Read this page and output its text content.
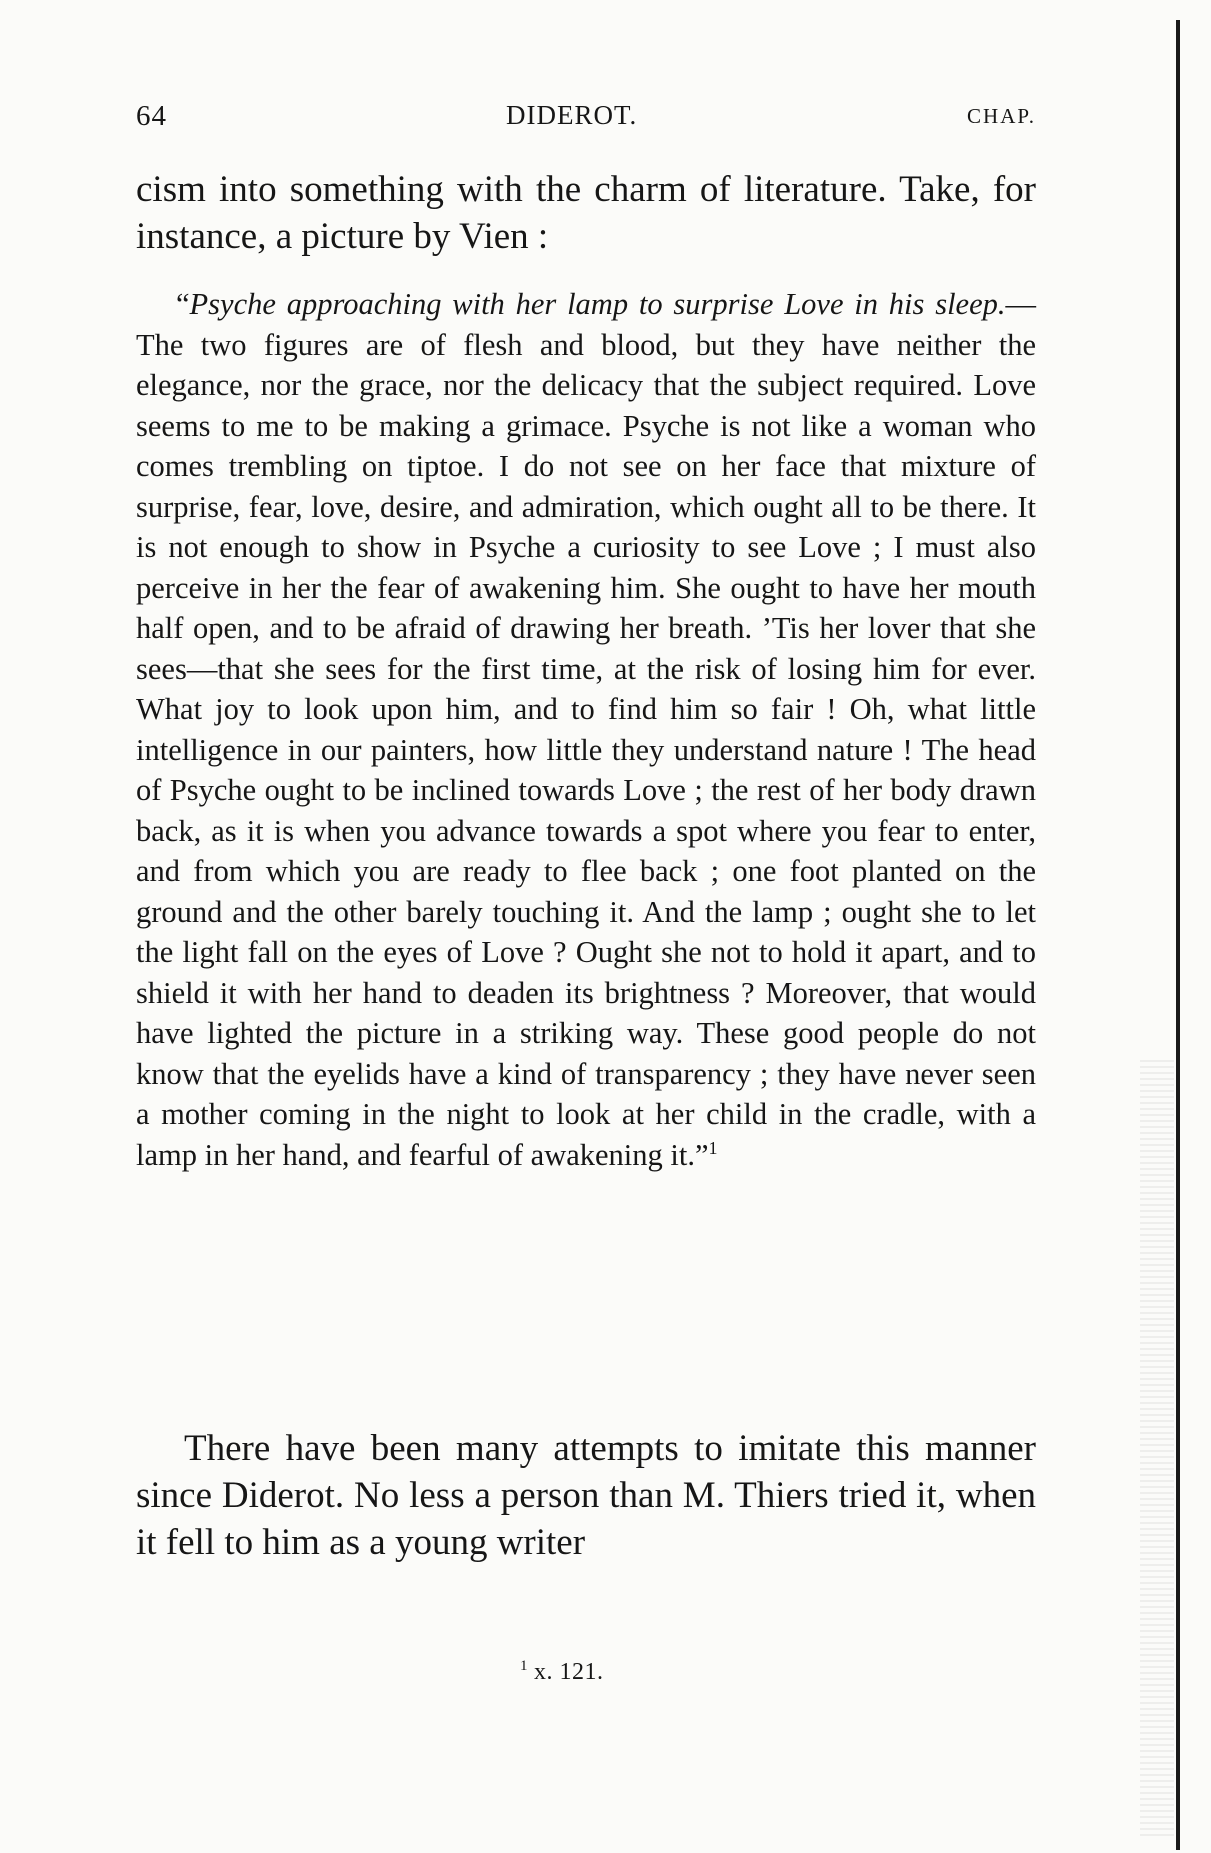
64	DIDEROT.	CHAP.

cism into something with the charm of literature. Take, for instance, a picture by Vien :

“Psyche approaching with her lamp to surprise Love in his sleep.—The two figures are of flesh and blood, but they have neither the elegance, nor the grace, nor the delicacy that the subject required. Love seems to me to be making a grimace. Psyche is not like a woman who comes trembling on tiptoe. I do not see on her face that mixture of surprise, fear, love, desire, and admiration, which ought all to be there. It is not enough to show in Psyche a curiosity to see Love ; I must also perceive in her the fear of awakening him. She ought to have her mouth half open, and to be afraid of drawing her breath. ’Tis her lover that she sees—that she sees for the first time, at the risk of losing him for ever. What joy to look upon him, and to find him so fair ! Oh, what little intelligence in our painters, how little they understand nature ! The head of Psyche ought to be inclined towards Love ; the rest of her body drawn back, as it is when you advance towards a spot where you fear to enter, and from which you are ready to flee back ; one foot planted on the ground and the other barely touching it. And the lamp ; ought she to let the light fall on the eyes of Love ? Ought she not to hold it apart, and to shield it with her hand to deaden its brightness ? Moreover, that would have lighted the picture in a striking way. These good people do not know that the eyelids have a kind of transparency ; they have never seen a mother coming in the night to look at her child in the cradle, with a lamp in her hand, and fearful of awakening it.”$^1$

There have been many attempts to imitate this manner since Diderot. No less a person than M. Thiers tried it, when it fell to him as a young writer

$^1$ x. 121.
